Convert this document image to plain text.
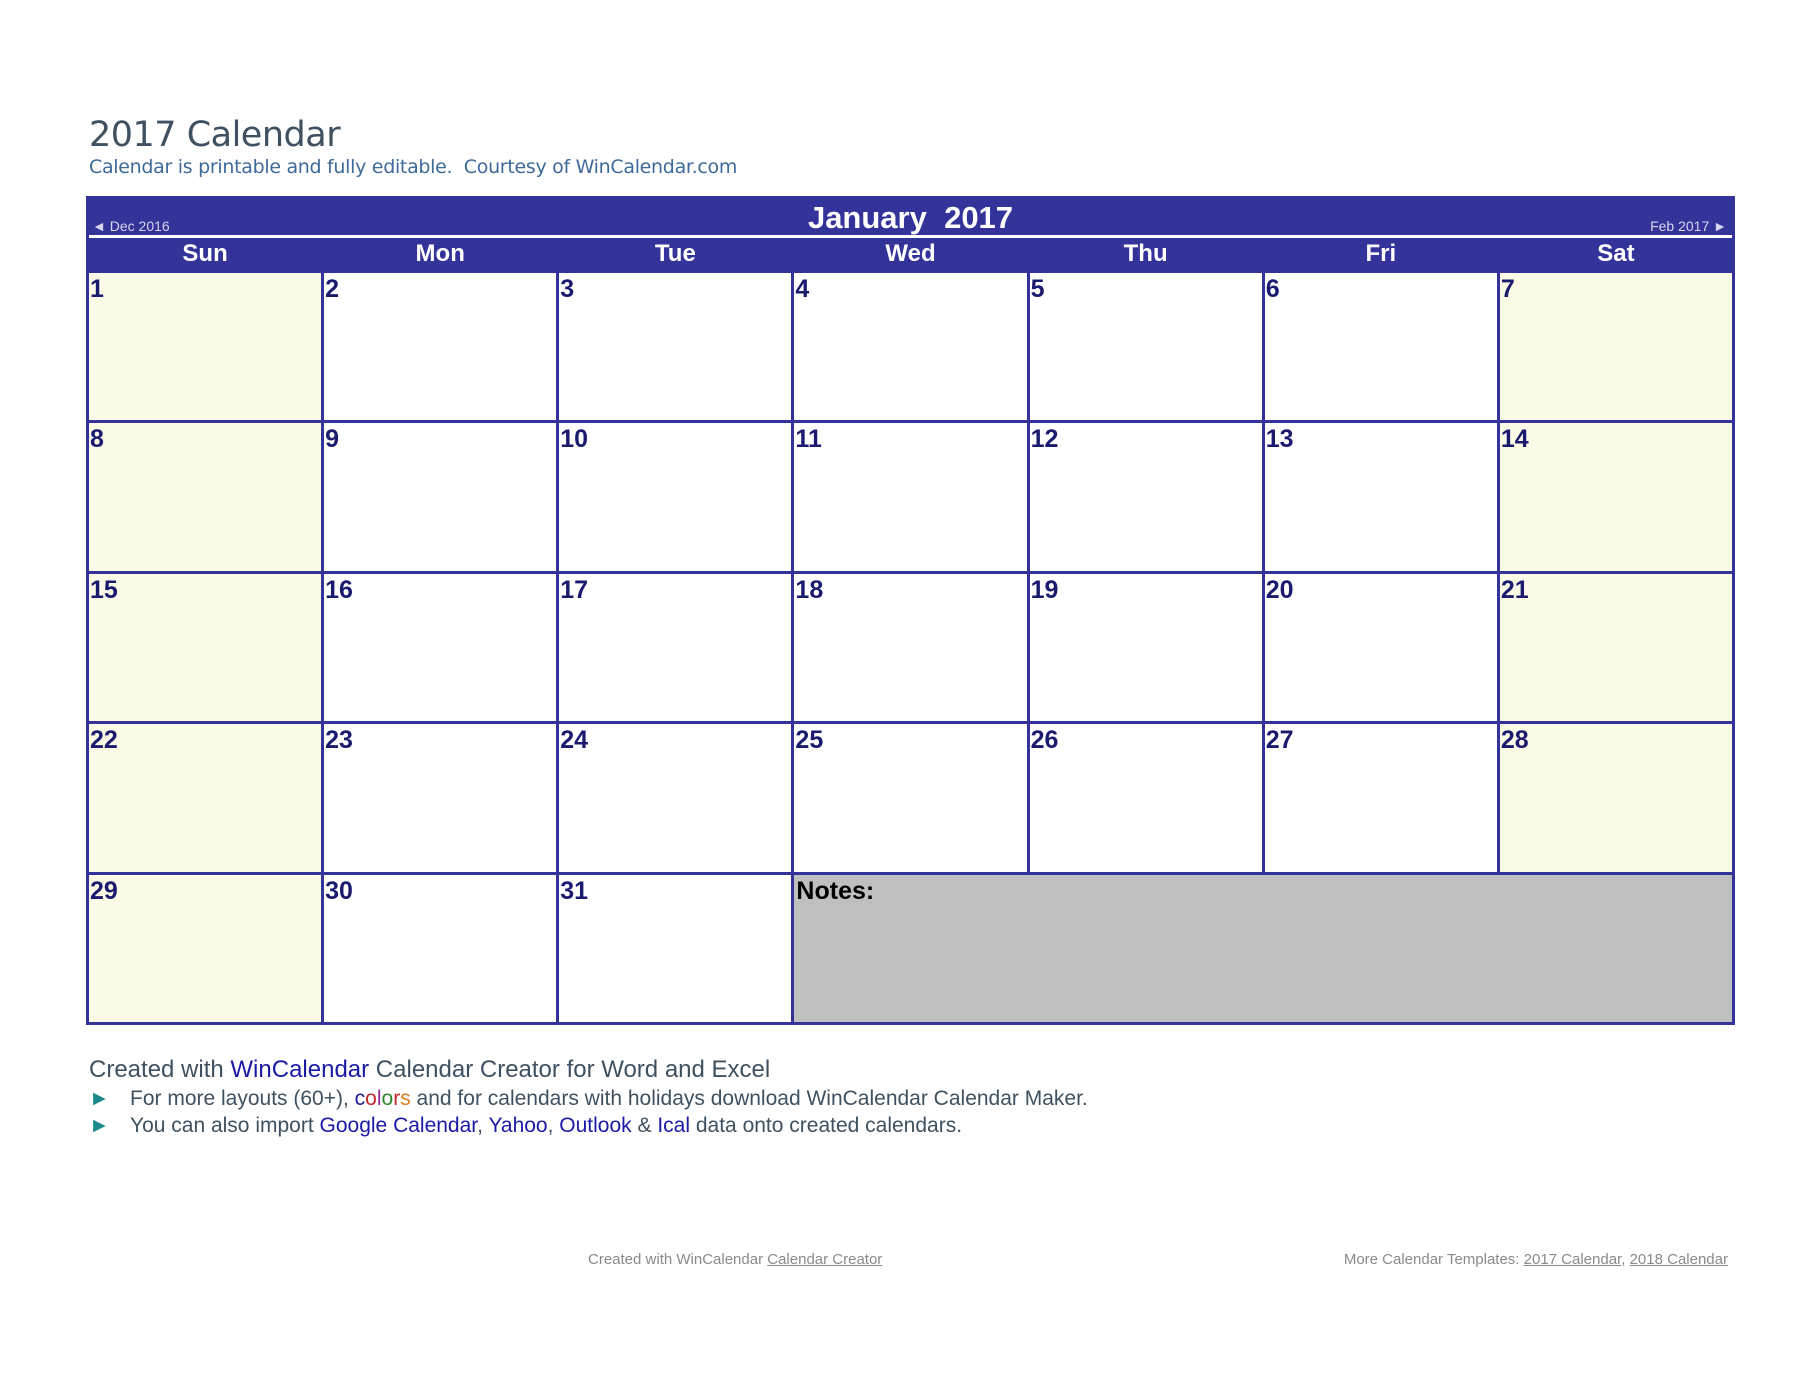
2017 Calendar
Calendar is printable and fully editable.  Courtesy of WinCalendar.com
◄ Dec 2016	January  2017	Feb 2017 ►
Sun	Mon	Tue	Wed	Thu	Fri	Sat
1	2	3	4	5	6	7
8	9	10	11	12	13	14
15	16	17	18	19	20	21
22	23	24	25	26	27	28
29	30	31	Notes:
Created with WinCalendar Calendar Creator for Word and Excel
► For more layouts (60+), colors and for calendars with holidays download WinCalendar Calendar Maker.
► You can also import Google Calendar, Yahoo, Outlook & Ical data onto created calendars.
Created with WinCalendar Calendar Creator	More Calendar Templates: 2017 Calendar, 2018 Calendar
